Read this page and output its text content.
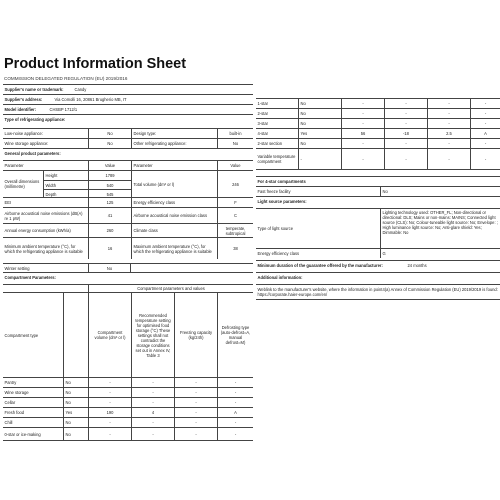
Product Information Sheet
COMMISSION DELEGATED REGULATION (EU) 2019/2016
Supplier's name or trademark:	Candy
Supplier's address:	Via Comolli 16, 20861 Brugherio MB, IT
Model identifier:	CHSBP 1712/1
Type of refrigerating appliance:
Low-noise appliance:	No	Design type:	built-in
Wine storage appliance:	No	Other refrigerating appliance:	No
General product parameters:
Parameter	Value	Parameter	Value
Overall dimensions (millimetre)
Height	1789
Width	540
Depth	545
Total volume (dm³ or l)	246
EEI	125	Energy efficiency class	F
Airborne acoustical noise emissions (dB(A) re 1 pW)	41	Airborne acoustical noise emission class	C
Annual energy consumption (kWh/a)	260	Climate class	temperate, subtropical
Minimum ambient temperature (°C), for which the refrigerating appliance is suitable	16	Maximum ambient temperature (°C), for which the refrigerating appliance is suitable	38
Winter setting	No
Compartment Parameters:
Compartment parameters and values
Compartment type	Compartment volume (dm³ or l)
Recommended temperature setting for optimised food storage (°C) These settings shall not contradict the storage conditions set out in Annex IV, Table 3
Freezing capacity (kg/24h)
Defrosting type (auto-defrost=A, manual defrost=M)
Pantry	No	-	-	-	-
Wine storage	No	-	-	-	-
Cellar	No	-	-	-	-
Fresh food	Yes	190	4	-	A
Chill	No	-	-	-	-
0-star or ice-making	No	-	-	-	-
1-star	No	-	-	-	-
2-star	No	-	-	-	-
3-star	No	-	-	-	-
4-star	Yes	56	-18	2.5	A
2-star section	No	-	-	-	-
Variable temperature compartment	-	-	-	-	-
For 4-star compartments
Fast freeze facility	No
Light source parameters:
Type of light source
Lighting technology used: OTHER_FL; Non-directional or directional: DLS; Mains or non-mains: MAINS; Connected light source (CLS): No; Colour-tuneable light source: No; Envelope: ; High luminance light source: No; Anti-glare shield: Yes; Dimmable: No
Energy efficiency class	G
Minimum duration of the guarantee offered by the manufacturer:	24 months
Additional information:
Weblink to the manufacturer's website, where the information in point4(a) Annex of Commission Regulation (EU) 2019/2019 is found:
https://corporate.haier-europe.com/en/
